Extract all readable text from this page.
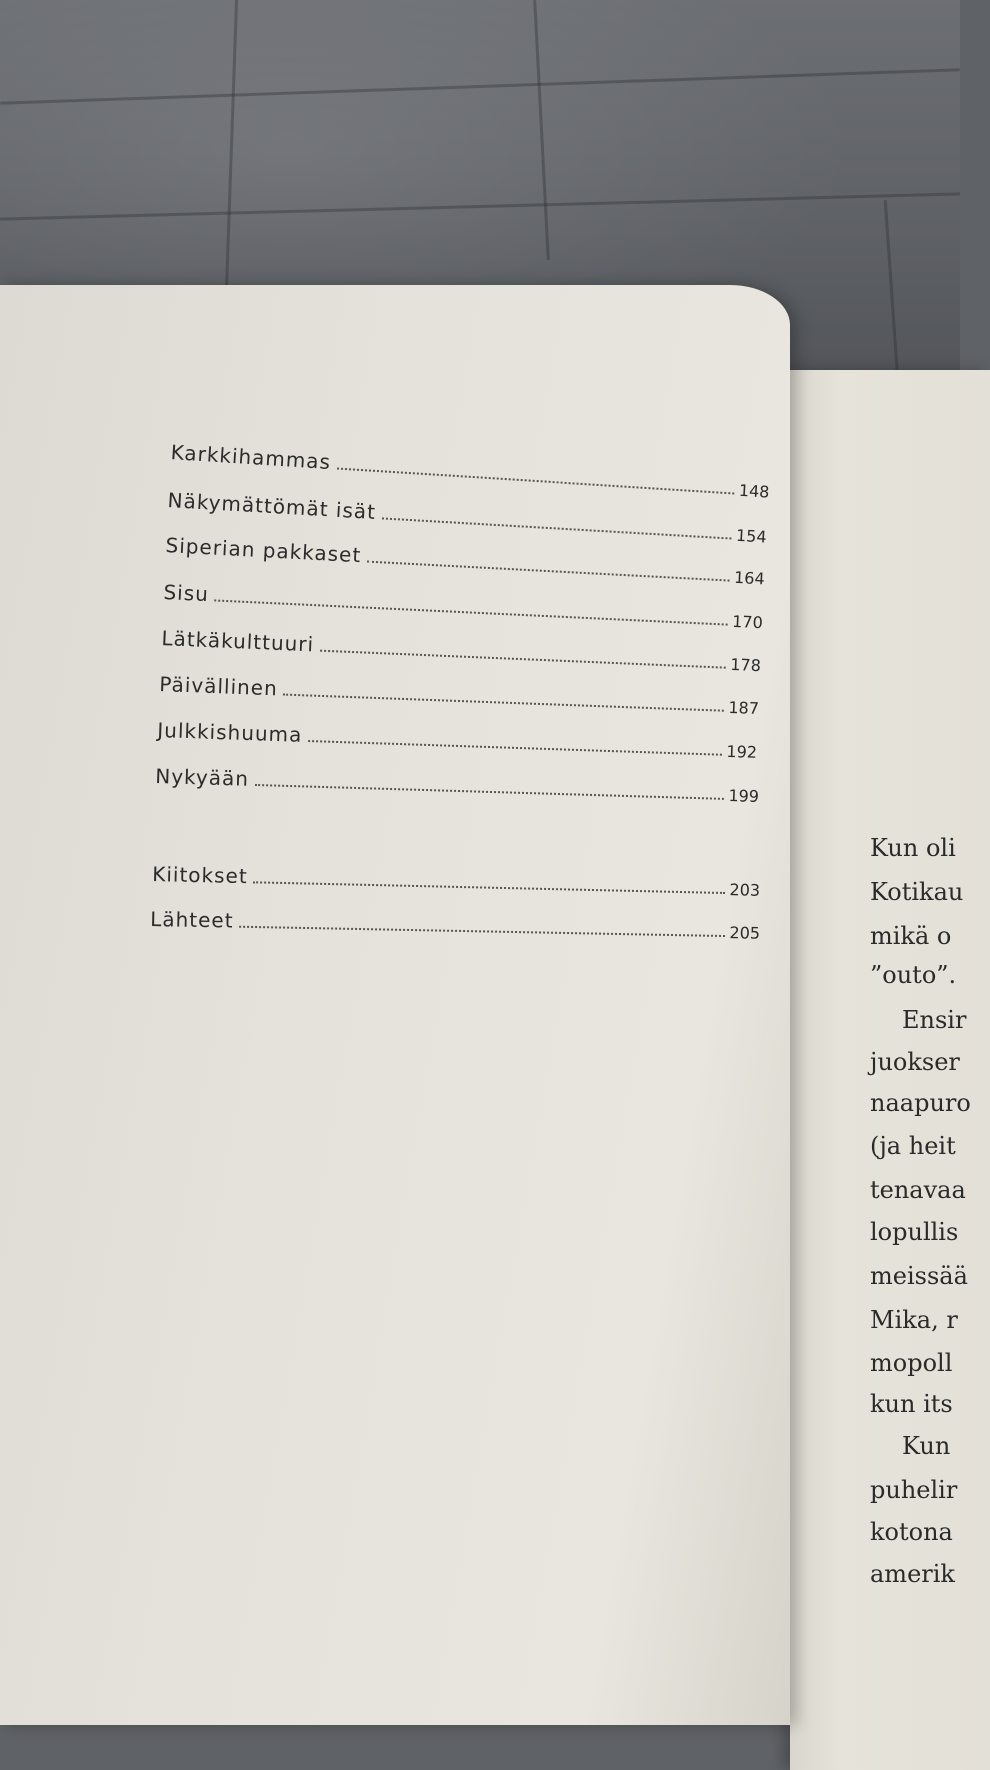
Kun oli
Kotikau
mikä o
”outo”.
Ensir
juokser
naapuro
(ja heit
tenavaa
lopullis
meissää
Mika, r
mopoll
kun its
Kun
puhelir
kotona
amerik
Karkkihammas
148
Näkymättömät isät
154
Siperian pakkaset
164
Sisu
170
Lätkäkulttuuri
178
Päivällinen
187
Julkkishuuma
192
Nykyään
199
Kiitokset
203
Lähteet
205
